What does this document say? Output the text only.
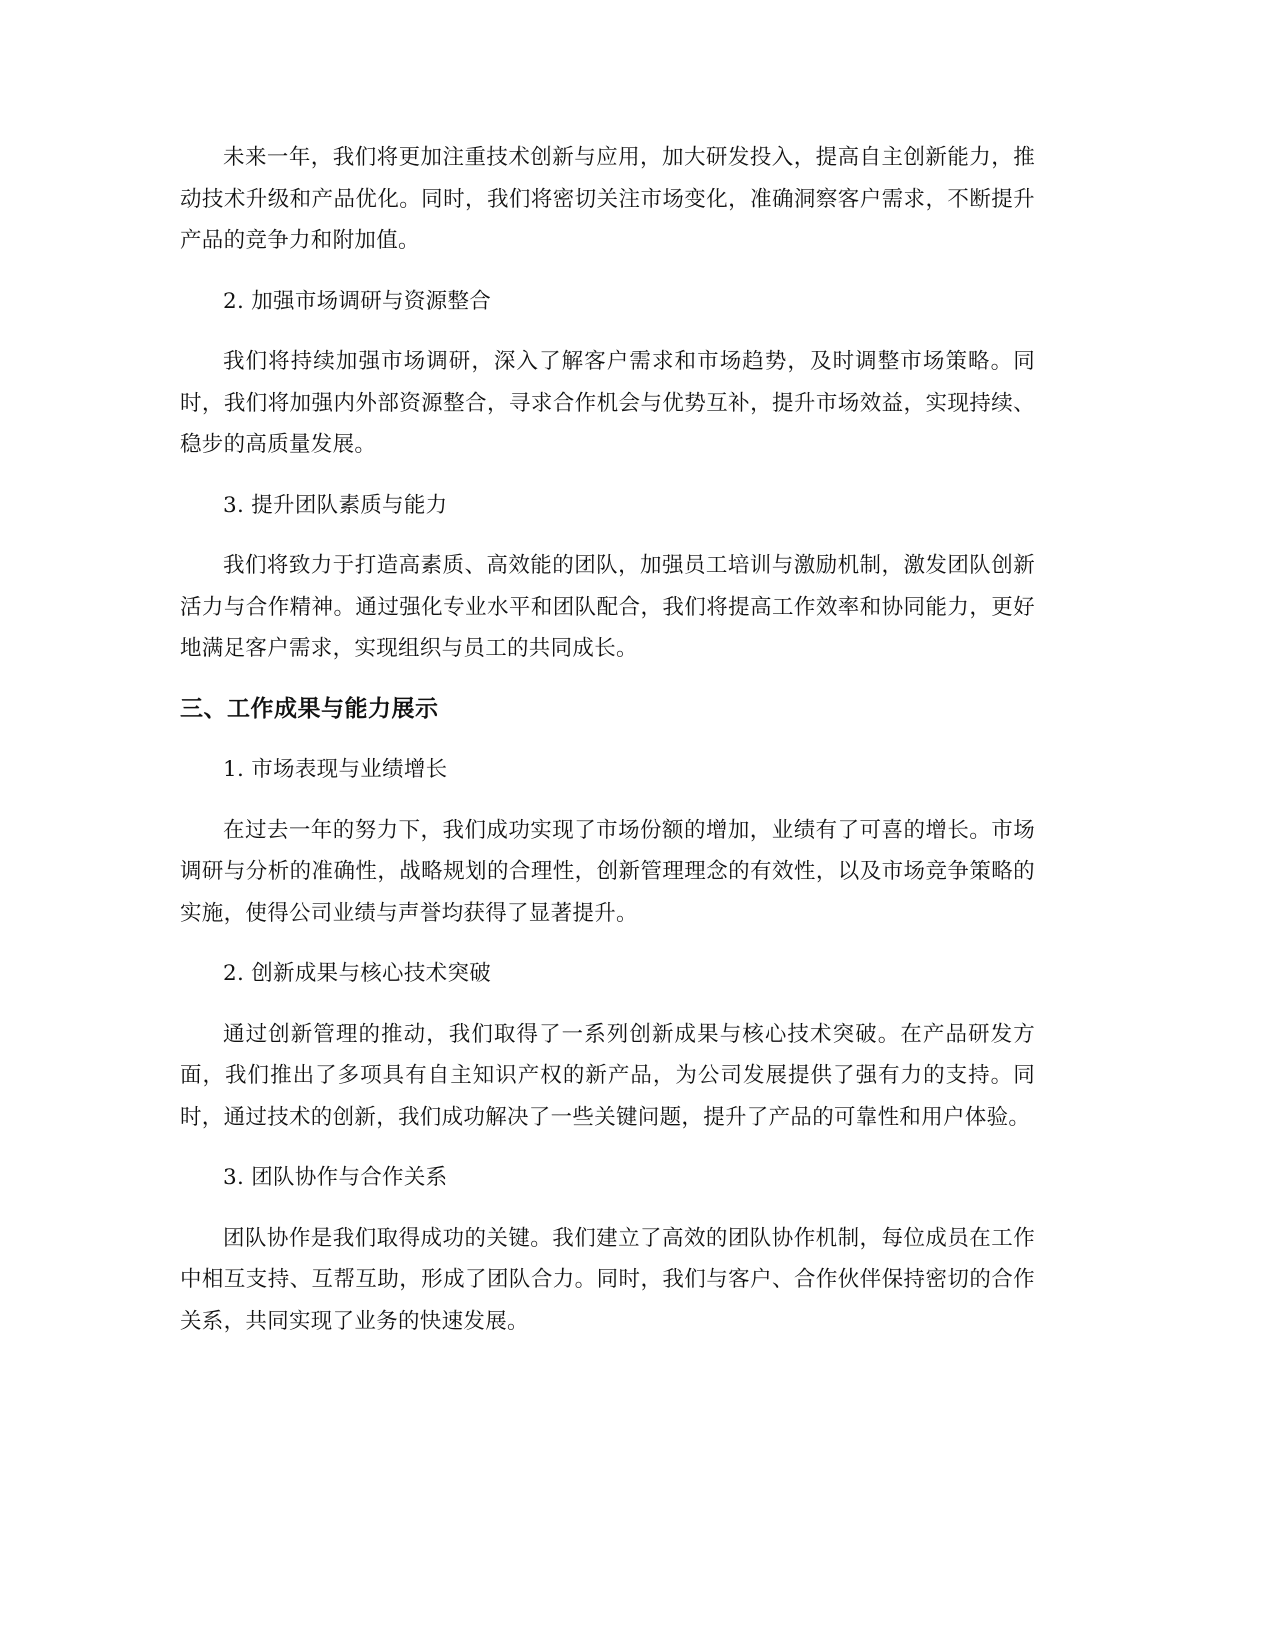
未来一年，我们将更加注重技术创新与应用，加大研发投入，提高自主创新能力，推动技术升级和产品优化。同时，我们将密切关注市场变化，准确洞察客户需求，不断提升产品的竞争力和附加值。

2. 加强市场调研与资源整合

我们将持续加强市场调研，深入了解客户需求和市场趋势，及时调整市场策略。同时，我们将加强内外部资源整合，寻求合作机会与优势互补，提升市场效益，实现持续、稳步的高质量发展。

3. 提升团队素质与能力

我们将致力于打造高素质、高效能的团队，加强员工培训与激励机制，激发团队创新活力与合作精神。通过强化专业水平和团队配合，我们将提高工作效率和协同能力，更好地满足客户需求，实现组织与员工的共同成长。

三、工作成果与能力展示

1. 市场表现与业绩增长

在过去一年的努力下，我们成功实现了市场份额的增加，业绩有了可喜的增长。市场调研与分析的准确性，战略规划的合理性，创新管理理念的有效性，以及市场竞争策略的实施，使得公司业绩与声誉均获得了显著提升。

2. 创新成果与核心技术突破

通过创新管理的推动，我们取得了一系列创新成果与核心技术突破。在产品研发方面，我们推出了多项具有自主知识产权的新产品，为公司发展提供了强有力的支持。同时，通过技术的创新，我们成功解决了一些关键问题，提升了产品的可靠性和用户体验。

3. 团队协作与合作关系

团队协作是我们取得成功的关键。我们建立了高效的团队协作机制，每位成员在工作中相互支持、互帮互助，形成了团队合力。同时，我们与客户、合作伙伴保持密切的合作关系，共同实现了业务的快速发展。
